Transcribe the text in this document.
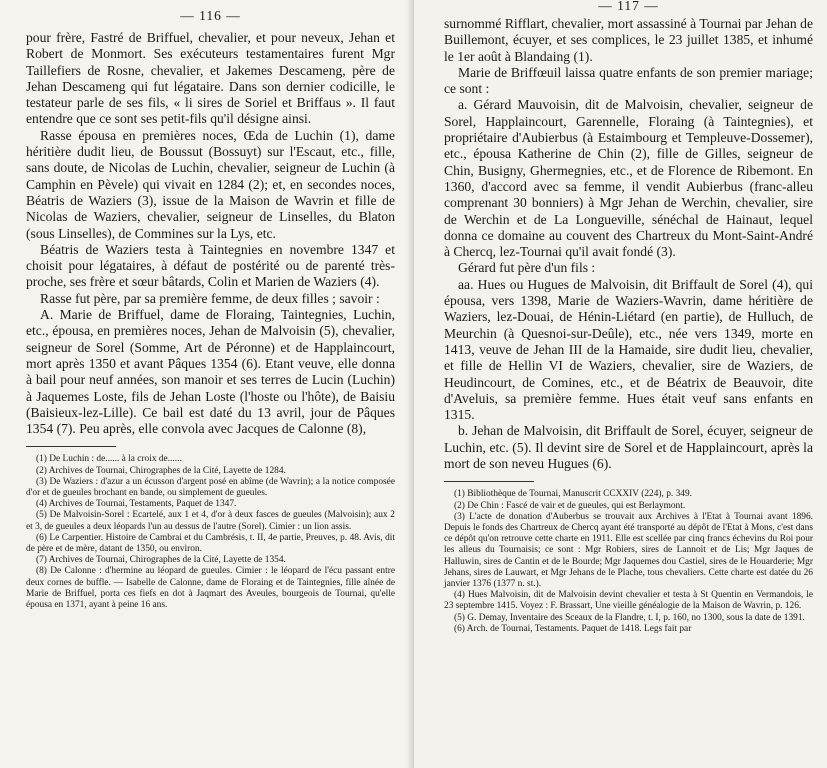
— 116 —

pour frère, Fastré de Briffuel, chevalier, et pour neveux, Jehan et Robert de Monmort. Ses exécuteurs testamentaires furent Mgr Taillefiers de Rosne, chevalier, et Jakemes Descameng, père de Jehan Descameng qui fut légataire. Dans son dernier codicille, le testateur parle de ses fils, « li sires de Soriel et Briffaus ». Il faut entendre que ce sont ses petit-fils qu'il désigne ainsi.

Rasse épousa en premières noces, Œda de Luchin (1), dame héritière dudit lieu, de Boussut (Bossuyt) sur l'Escaut, etc., fille, sans doute, de Nicolas de Luchin, chevalier, seigneur de Luchin (à Camphin en Pèvele) qui vivait en 1284 (2); et, en secondes noces, Béatris de Waziers (3), issue de la Maison de Wavrin et fille de Nicolas de Waziers, chevalier, seigneur de Linselles, du Blaton (sous Linselles), de Commines sur la Lys, etc.

Béatris de Waziers testa à Taintegnies en novembre 1347 et choisit pour légataires, à défaut de postérité ou de parenté très-proche, ses frère et sœur bâtards, Colin et Marien de Waziers (4).

Rasse fut père, par sa première femme, de deux filles ; savoir :

A. Marie de Briffuel, dame de Floraing, Taintegnies, Luchin, etc., épousa, en premières noces, Jehan de Malvoisin (5), chevalier, seigneur de Sorel (Somme, Art de Péronne) et de Happlaincourt, mort après 1350 et avant Pâques 1354 (6). Etant veuve, elle donna à bail pour neuf années, son manoir et ses terres de Lucin (Luchin) à Jaquemes Loste, fils de Jehan Loste (l'hoste ou l'hôte), de Baisiu (Baisieux-lez-Lille). Ce bail est daté du 13 avril, jour de Pâques 1354 (7). Peu après, elle convola avec Jacques de Calonne (8),

(1) De Luchin : de...... à la croix de......

(2) Archives de Tournai, Chirographes de la Cité, Layette de 1284.

(3) De Waziers : d'azur a un écusson d'argent posé en abîme (de Wavrin); a la notice composée d'or et de gueules brochant en bande, ou simplement de gueules.

(4) Archives de Tournai, Testaments, Paquet de 1347.

(5) De Malvoisin-Sorel : Ecartelé, aux 1 et 4, d'or à deux fasces de gueules (Malvoisin); aux 2 et 3, de gueules a deux léopards l'un au dessus de l'autre (Sorel). Cimier : un lion assis.

(6) Le Carpentier. Histoire de Cambrai et du Cambrésis, t. II, 4e partie, Preuves, p. 48. Avis, dit de père et de mère, datant de 1350, ou environ.

(7) Archives de Tournai, Chirographes de la Cité, Layette de 1354.

(8) De Calonne : d'hermine au léopard de gueules. Cimier : le léopard de l'écu passant entre deux cornes de buffle. — Isabelle de Calonne, dame de Floraing et de Taintegnies, fille aînée de Marie de Briffuel, porta ces fiefs en dot à Jaqmart des Aveules, bourgeois de Tournai, qu'elle épousa en 1371, ayant à peine 16 ans.

— 117 —

surnommé Rifflart, chevalier, mort assassiné à Tournai par Jehan de Buillemont, écuyer, et ses complices, le 23 juillet 1385, et inhumé le 1er août à Blandaing (1).

Marie de Briffœuil laissa quatre enfants de son premier mariage; ce sont :

a. Gérard Mauvoisin, dit de Malvoisin, chevalier, seigneur de Sorel, Happlaincourt, Garennelle, Floraing (à Taintegnies), et propriétaire d'Aubierbus (à Estaimbourg et Templeuve-Dossemer), etc., épousa Katherine de Chin (2), fille de Gilles, seigneur de Chin, Busigny, Ghermegnies, etc., et de Florence de Ribemont. En 1360, d'accord avec sa femme, il vendit Aubierbus (franc-alleu comprenant 30 bonniers) à Mgr Jehan de Werchin, chevalier, sire de Werchin et de La Longueville, sénéchal de Hainaut, lequel donna ce domaine au couvent des Chartreux du Mont-Saint-André à Chercq, lez-Tournai qu'il avait fondé (3).

Gérard fut père d'un fils :

aa. Hues ou Hugues de Malvoisin, dit Briffault de Sorel (4), qui épousa, vers 1398, Marie de Waziers-Wavrin, dame héritière de Waziers, lez-Douai, de Hénin-Liétard (en partie), de Hulluch, de Meurchin (à Quesnoi-sur-Deûle), etc., née vers 1349, morte en 1413, veuve de Jehan III de la Hamaide, sire dudit lieu, chevalier, et fille de Hellin VI de Waziers, chevalier, sire de Waziers, de Heudincourt, de Comines, etc., et de Béatrix de Beauvoir, dite d'Aveluis, sa première femme. Hues était veuf sans enfants en 1315.

b. Jehan de Malvoisin, dit Briffault de Sorel, écuyer, seigneur de Luchin, etc. (5). Il devint sire de Sorel et de Happlaincourt, après la mort de son neveu Hugues (6).

(1) Bibliothèque de Tournai, Manuscrit CCXXIV (224), p. 349.

(2) De Chin : Fascé de vair et de gueules, qui est Berlaymont.

(3) L'acte de donation d'Auberbus se trouvait aux Archives à l'Etat à Tournai avant 1896. Depuis le fonds des Chartreux de Chercq ayant été transporté au dépôt de l'Etat à Mons, c'est dans ce dépôt qu'on retrouve cette charte en 1911. Elle est scellée par cinq francs échevins du Roi pour les alleus du Tournaisis; ce sont : Mgr Robiers, sires de Lannoit et de Lis; Mgr Jaques de Halluwin, sires de Cantin et de le Bourde; Mgr Jaquemes dou Castiel, sires de le Houarderie; Mgr Jehans, sires de Lauwart, et Mgr Jehans de le Plache, tous chevaliers. Cette charte est datée du 26 janvier 1376 (1377 n. st.).

(4) Hues Malvoisin, dit de Malvoisin devint chevalier et testa à St Quentin en Vermandois, le 23 septembre 1415. Voyez : F. Brassart, Une vieille généalogie de la Maison de Wavrin, p. 126.

(5) G. Demay, Inventaire des Sceaux de la Flandre, t. I, p. 160, no 1300, sous la date de 1391.

(6) Arch. de Tournai, Testaments. Paquet de 1418. Legs fait par
